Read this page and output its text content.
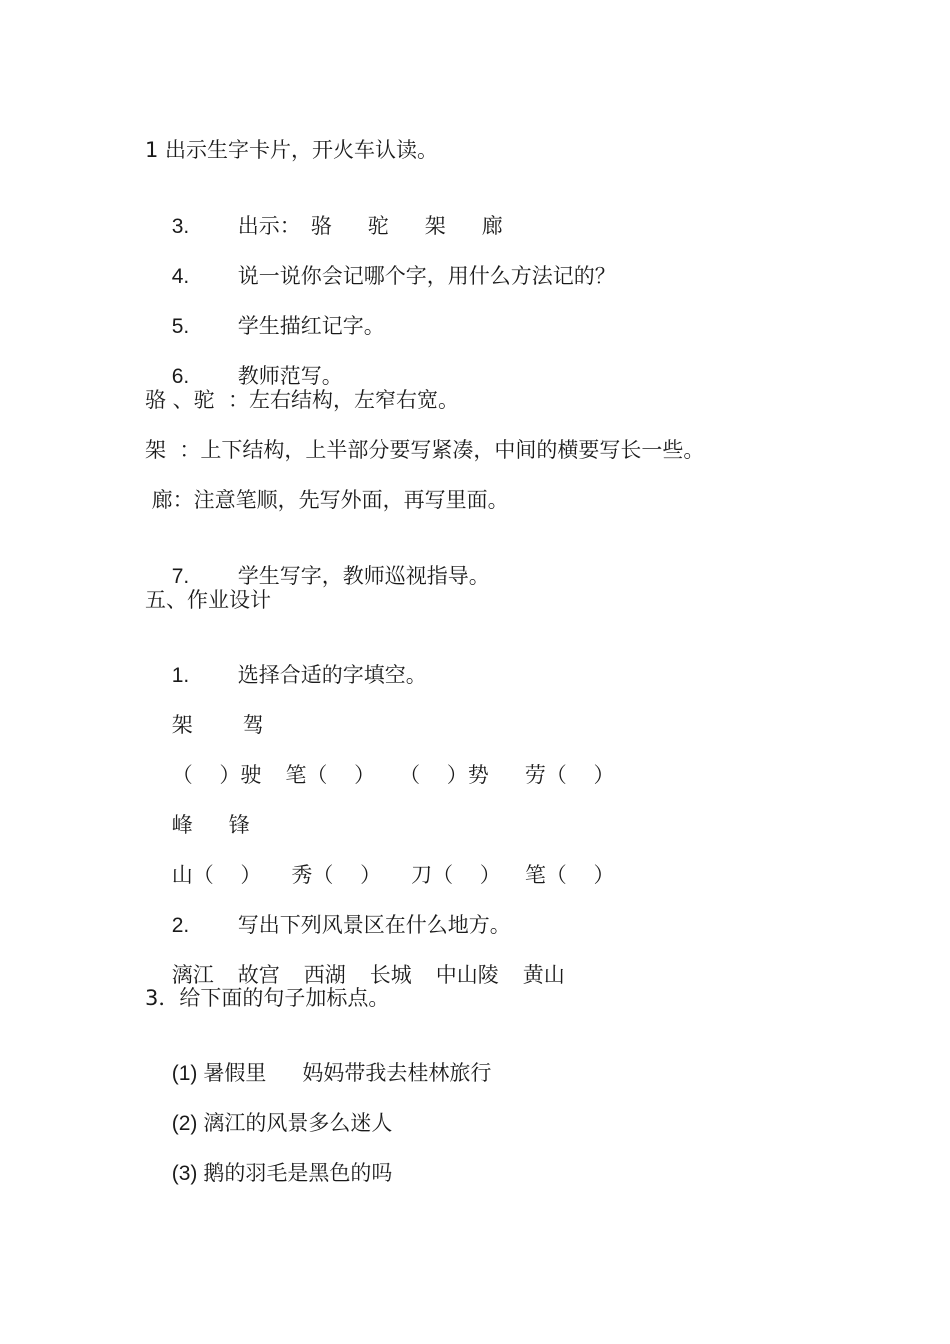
1 出示生字卡片，开火车认读。

3. 出示： 骆 驼 架 廊

4. 说一说你会记哪个字，用什么方法记的？

5. 学生描红记字。

6. 教师范写。

骆 、驼  ：左右结构，左窄右宽。
架  ：上下结构，上半部分要写紧凑，中间的横要写长一些。
廊：注意笔顺，先写外面，再写里面。

7. 学生写字，教师巡视指导。

五、作业设计

1. 选择合适的字填空。

架 驾

（    ）驶 笔（    ） （    ）势 劳（    ）

峰 锋

山（    ） 秀（    ） 刀（    ） 笔（    ）

2. 写出下列风景区在什么地方。

漓江 故宫 西湖 长城 中山陵 黄山

3．给下面的句子加标点。

(1) 暑假里 妈妈带我去桂林旅行

(2) 漓江的风景多么迷人

(3) 鹅的羽毛是黑色的吗
